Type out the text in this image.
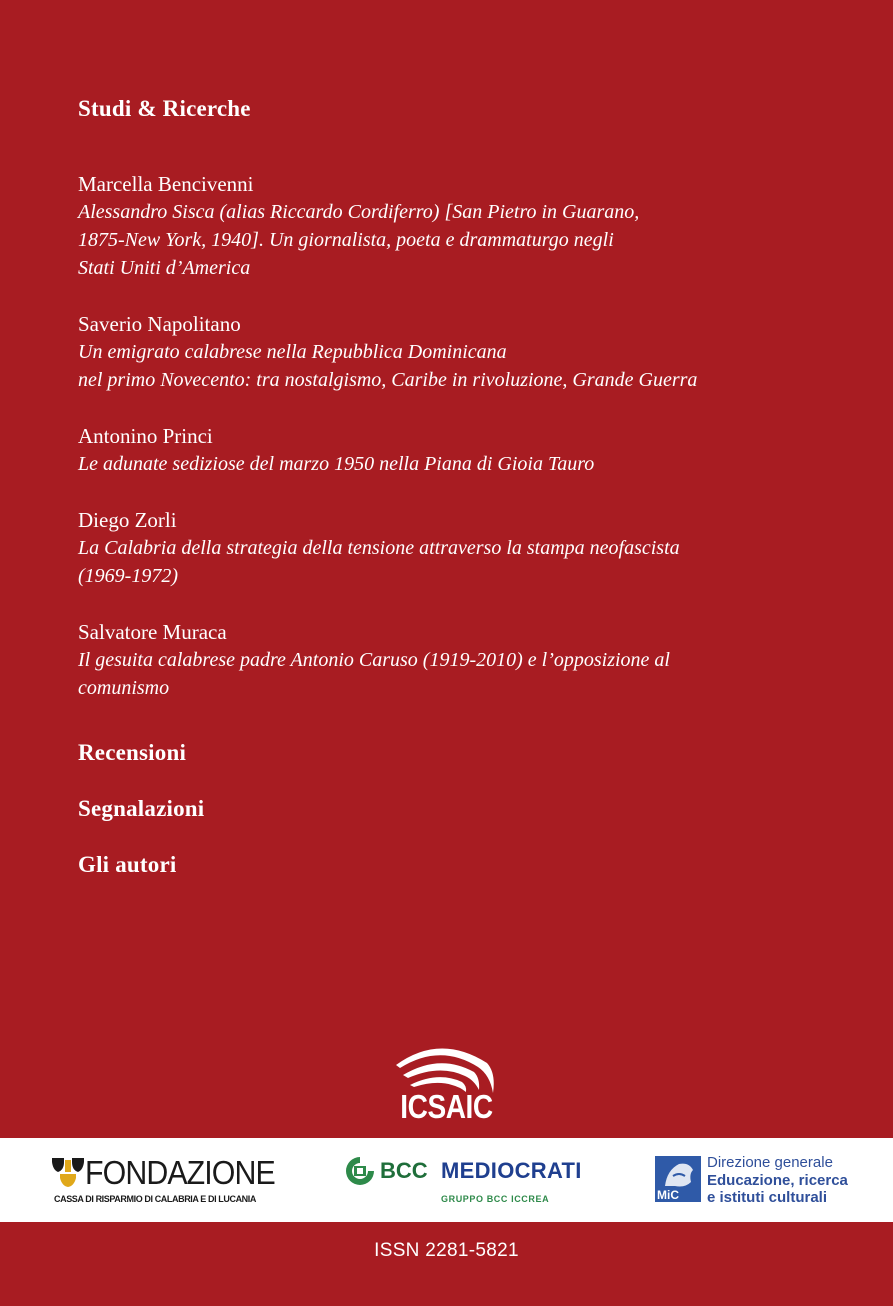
Studi & Ricerche
Marcella Bencivenni
Alessandro Sisca (alias Riccardo Cordiferro) [San Pietro in Guarano,
1875-New York, 1940]. Un giornalista, poeta e drammaturgo negli
Stati Uniti d’America
Saverio Napolitano
Un emigrato calabrese nella Repubblica Dominicana
nel primo Novecento: tra nostalgismo, Caribe in rivoluzione, Grande Guerra
Antonino Princi
Le adunate sediziose del marzo 1950 nella Piana di Gioia Tauro
Diego Zorli
La Calabria della strategia della tensione attraverso la stampa neofascista
(1969-1972)
Salvatore Muraca
Il gesuita calabrese padre Antonio Caruso (1919-2010) e l’opposizione al
comunismo
Recensioni
Segnalazioni
Gli autori
ICSAIC
FONDAZIONE
CASSA DI RISPARMIO DI CALABRIA E DI LUCANIA
BCC MEDIOCRATI
GRUPPO BCC ICCREA	MiC
Direzione generale
Educazione, ricerca
e istituti culturali
ISSN 2281-5821
